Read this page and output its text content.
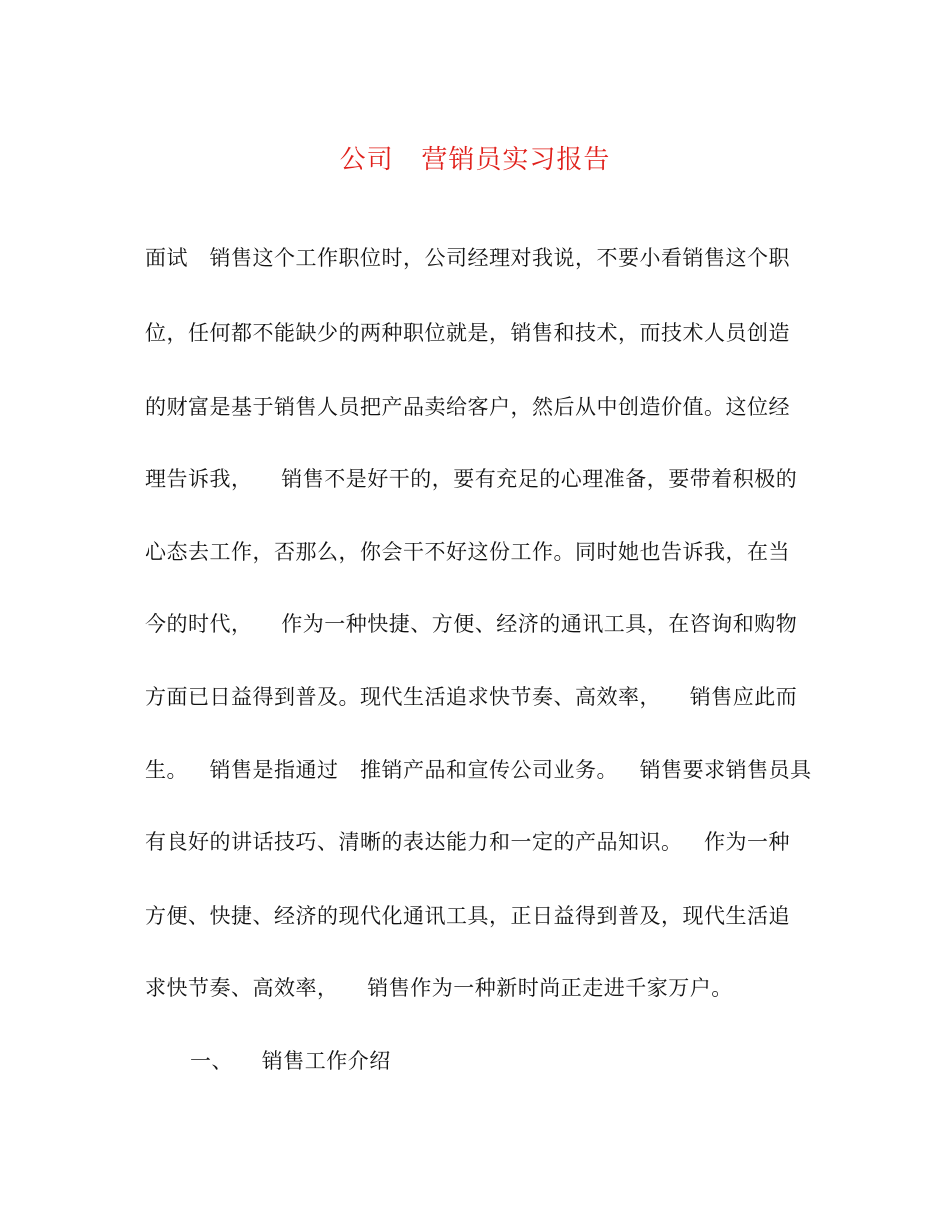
公司   营销员实习报告
面试   销售这个工作职位时，公司经理对我说，不要小看销售这个职
位，任何都不能缺少的两种职位就是，销售和技术，而技术人员创造
的财富是基于销售人员把产品卖给客户，然后从中创造价值。这位经
理告诉我，    销售不是好干的，要有充足的心理准备，要带着积极的
心态去工作，否那么，你会干不好这份工作。同时她也告诉我，在当
今的时代，    作为一种快捷、方便、经济的通讯工具，在咨询和购物
方面已日益得到普及。现代生活追求快节奏、高效率，    销售应此而
生。   销售是指通过   推销产品和宣传公司业务。   销售要求销售员具
有良好的讲话技巧、清晰的表达能力和一定的产品知识。   作为一种
方便、快捷、经济的现代化通讯工具，正日益得到普及，现代生活追
求快节奏、高效率，    销售作为一种新时尚正走进千家万户。
一、    销售工作介绍
